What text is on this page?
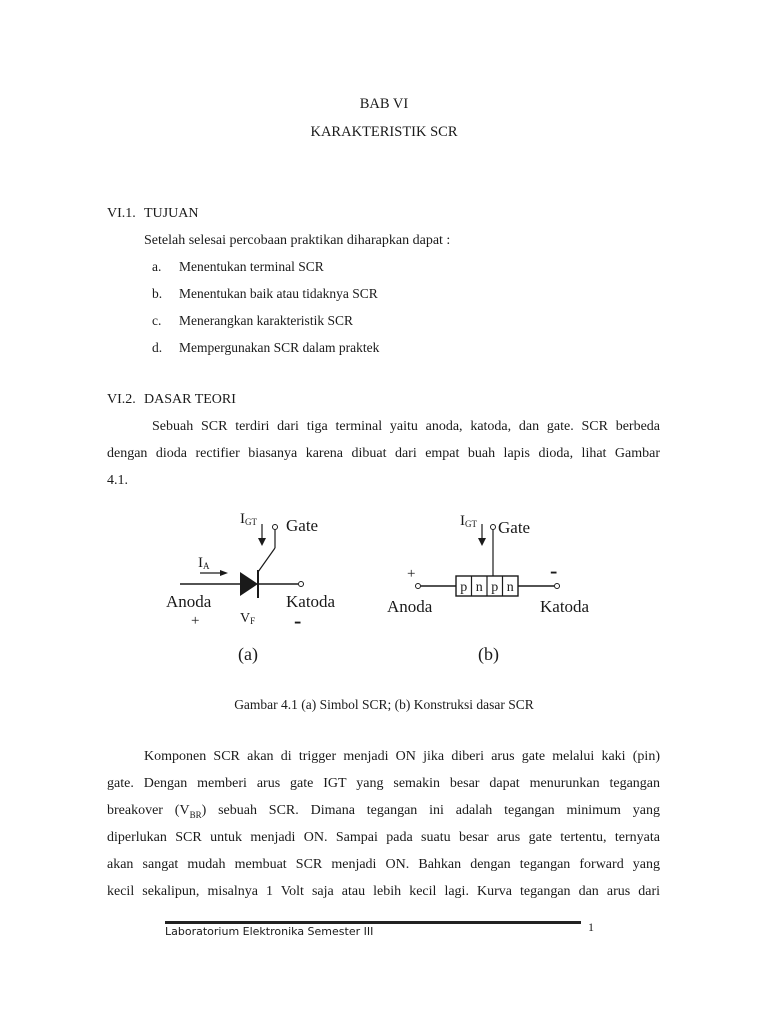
BAB VI
KARAKTERISTIK SCR
VI.1. TUJUAN
Setelah selesai percobaan praktikan diharapkan dapat :
a. Menentukan terminal SCR
b. Menentukan baik atau tidaknya SCR
c. Menerangkan karakteristik SCR
d. Mempergunakan SCR dalam praktek
VI.2. DASAR TEORI
Sebuah SCR terdiri dari tiga terminal yaitu anoda, katoda, dan gate. SCR berbeda
dengan dioda rectifier biasanya karena dibuat dari empat buah lapis dioda, lihat Gambar
4.1.
IGT Gate
IA
Anoda	Katoda
VF
+	-
(a)
IGT Gate
+	-
p n p n
Anoda	Katoda
(b)
Gambar 4.1 (a) Simbol SCR; (b) Konstruksi dasar SCR
Komponen SCR akan di trigger menjadi ON jika diberi arus gate melalui kaki (pin)
gate. Dengan memberi arus gate IGT yang semakin besar dapat menurunkan tegangan
breakover $(V_{BR})$ sebuah SCR. Dimana tegangan ini adalah tegangan minimum yang
diperlukan SCR untuk menjadi ON. Sampai pada suatu besar arus gate tertentu, ternyata
akan sangat mudah membuat SCR menjadi ON. Bahkan dengan tegangan forward yang
kecil sekalipun, misalnya 1 Volt saja atau lebih kecil lagi. Kurva tegangan dan arus dari
Laboratorium Elektronika Semester III	1
